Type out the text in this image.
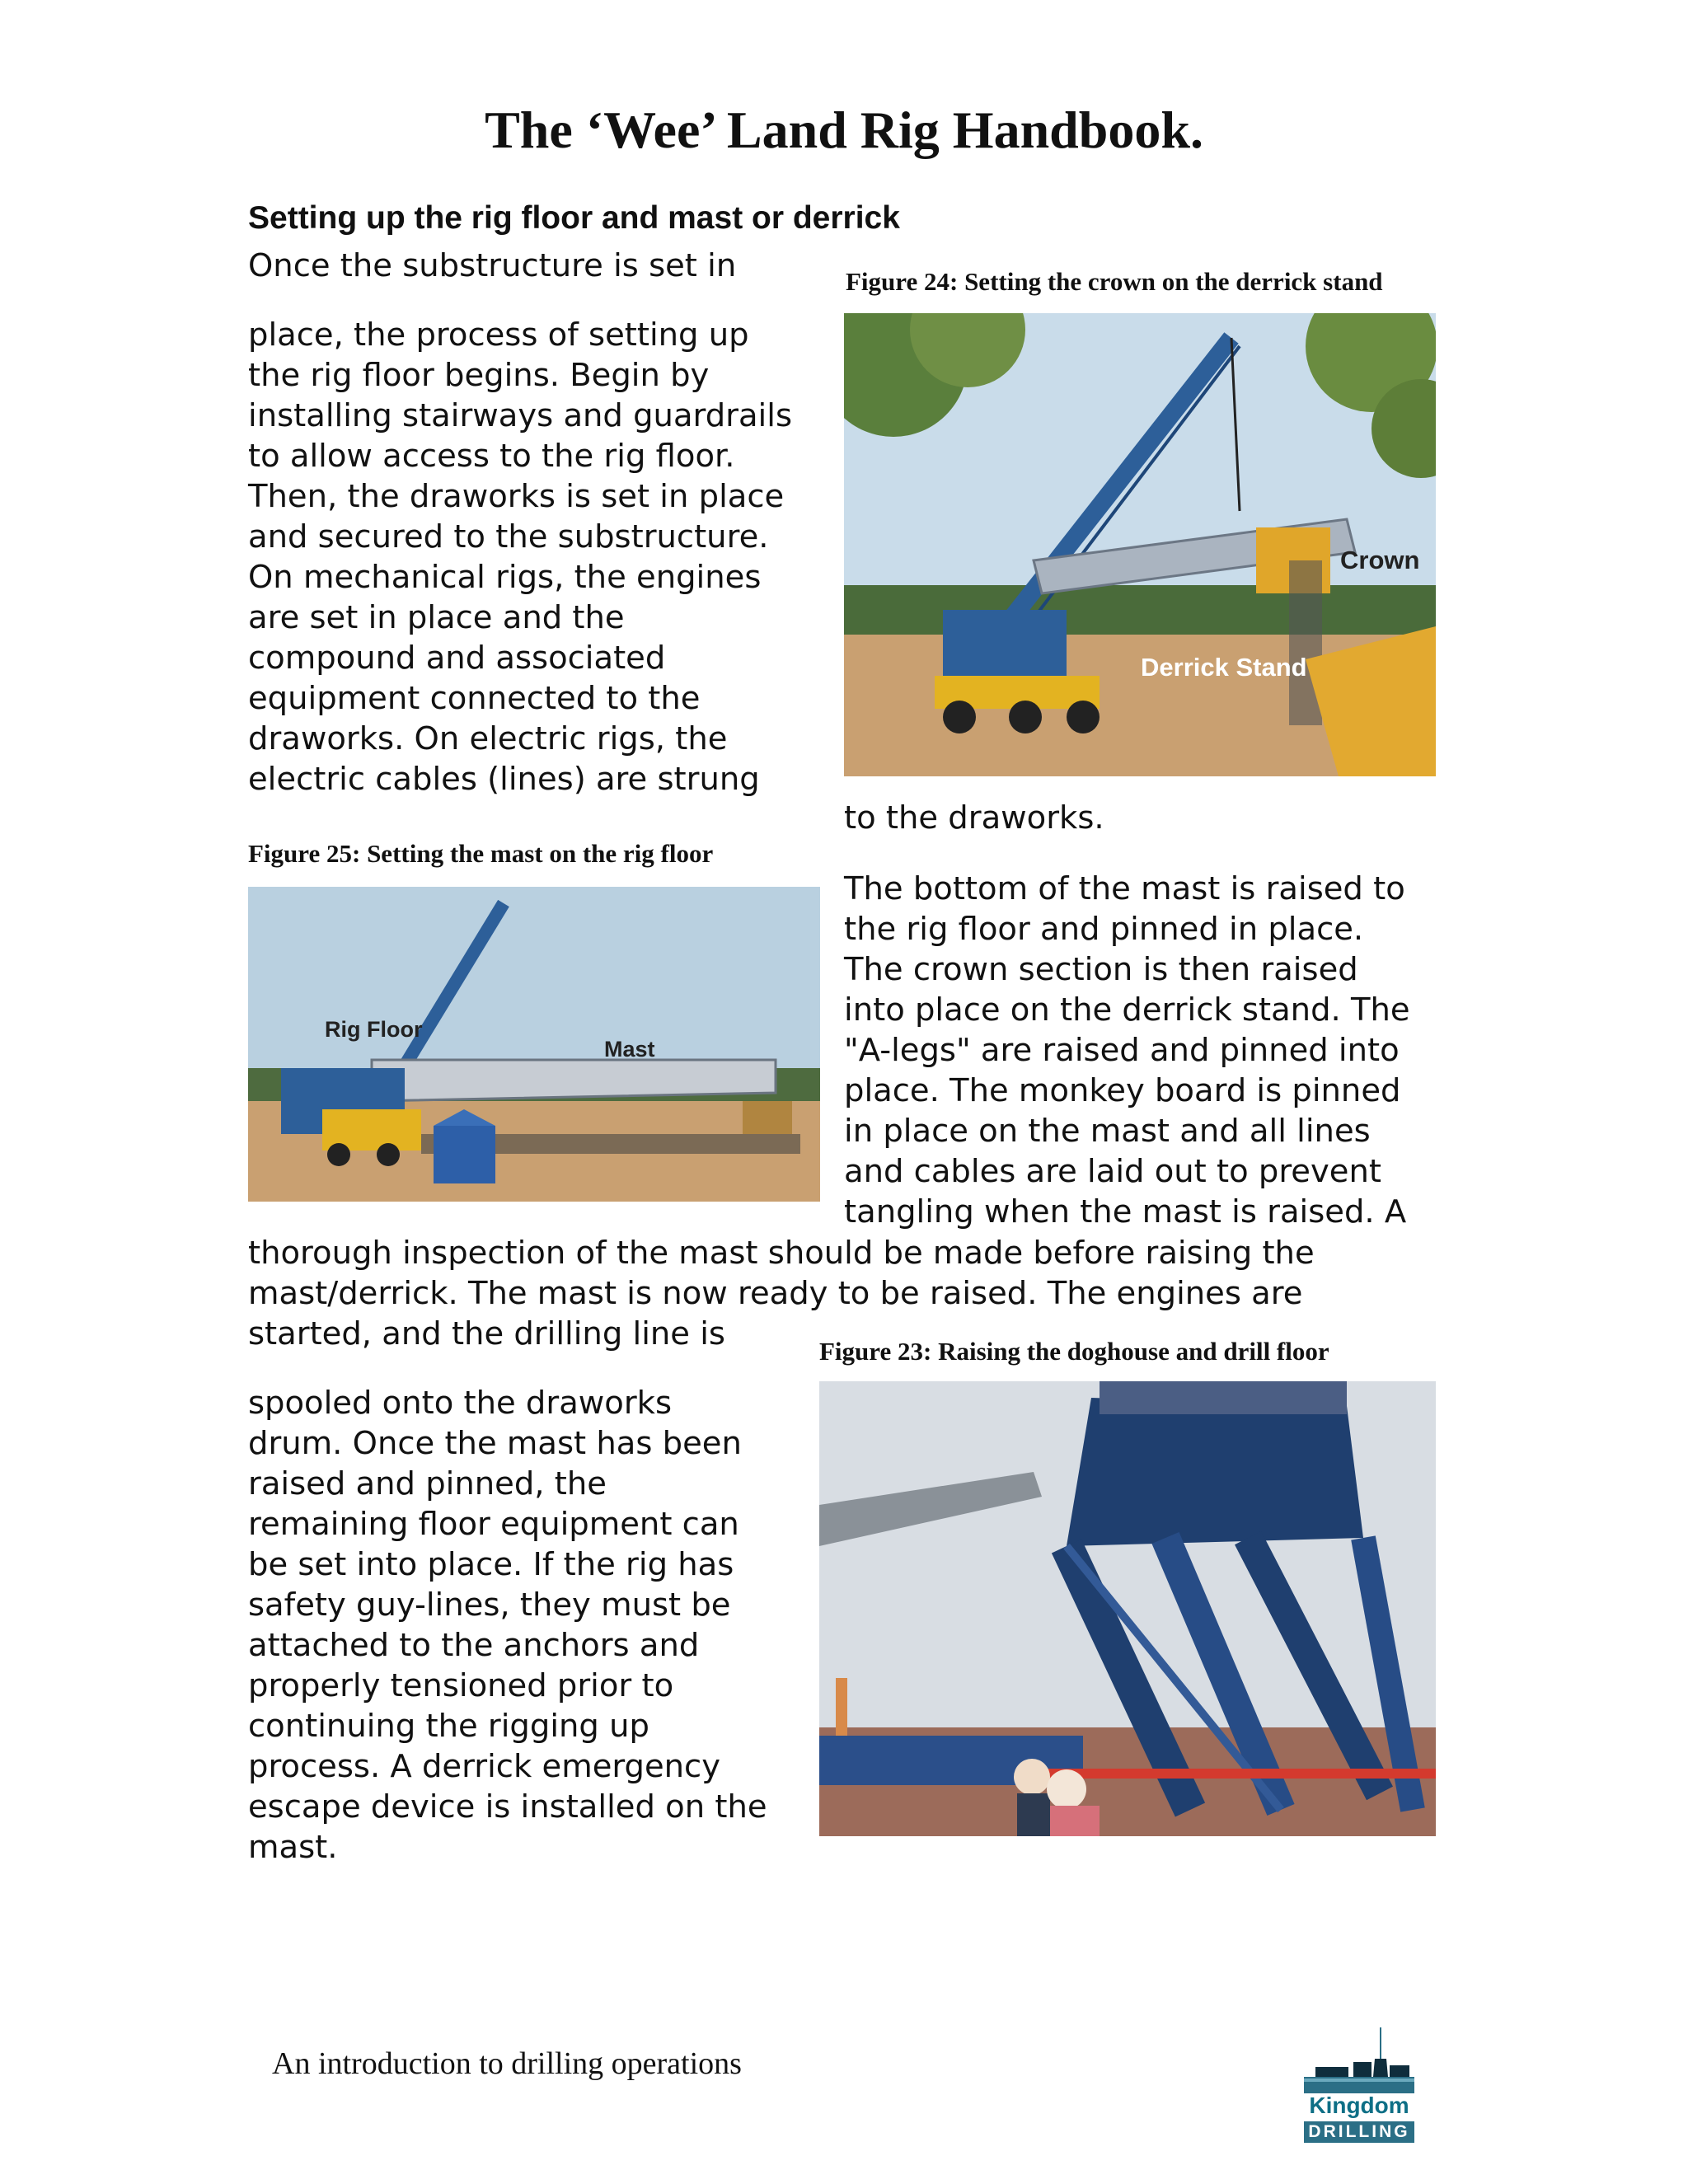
The ‘Wee’ Land Rig Handbook.
Setting up the rig floor and mast or derrick
Once the substructure is set in
place, the process of setting up
the rig floor begins. Begin by
installing stairways and guardrails
to allow access to the rig floor.
Then, the draworks is set in place
and secured to the substructure.
On mechanical rigs, the engines
are set in place and the
compound and associated
equipment connected to the
draworks. On electric rigs, the
electric cables (lines) are strung
to the draworks.
The bottom of the mast is raised to
the rig floor and pinned in place.
The crown section is then raised
into place on the derrick stand. The
"A-legs" are raised and pinned into
place. The monkey board is pinned
in place on the mast and all lines
and cables are laid out to prevent
tangling when the mast is raised. A
thorough inspection of the mast should be made before raising the
mast/derrick. The mast is now ready to be raised. The engines are
started, and the drilling line is
spooled onto the draworks
drum. Once the mast has been
raised and pinned, the
remaining floor equipment can
be set into place. If the rig has
safety guy-lines, they must be
attached to the anchors and
properly tensioned prior to
continuing the rigging up
process. A derrick emergency
escape device is installed on the
mast.
Figure 24: Setting the crown on the derrick stand
Crown
Derrick Stand
Figure 25: Setting the mast on the rig floor
Rig Floor
Mast
Figure 23: Raising the doghouse and drill floor
An introduction to drilling operations
Kingdom
DRILLING
